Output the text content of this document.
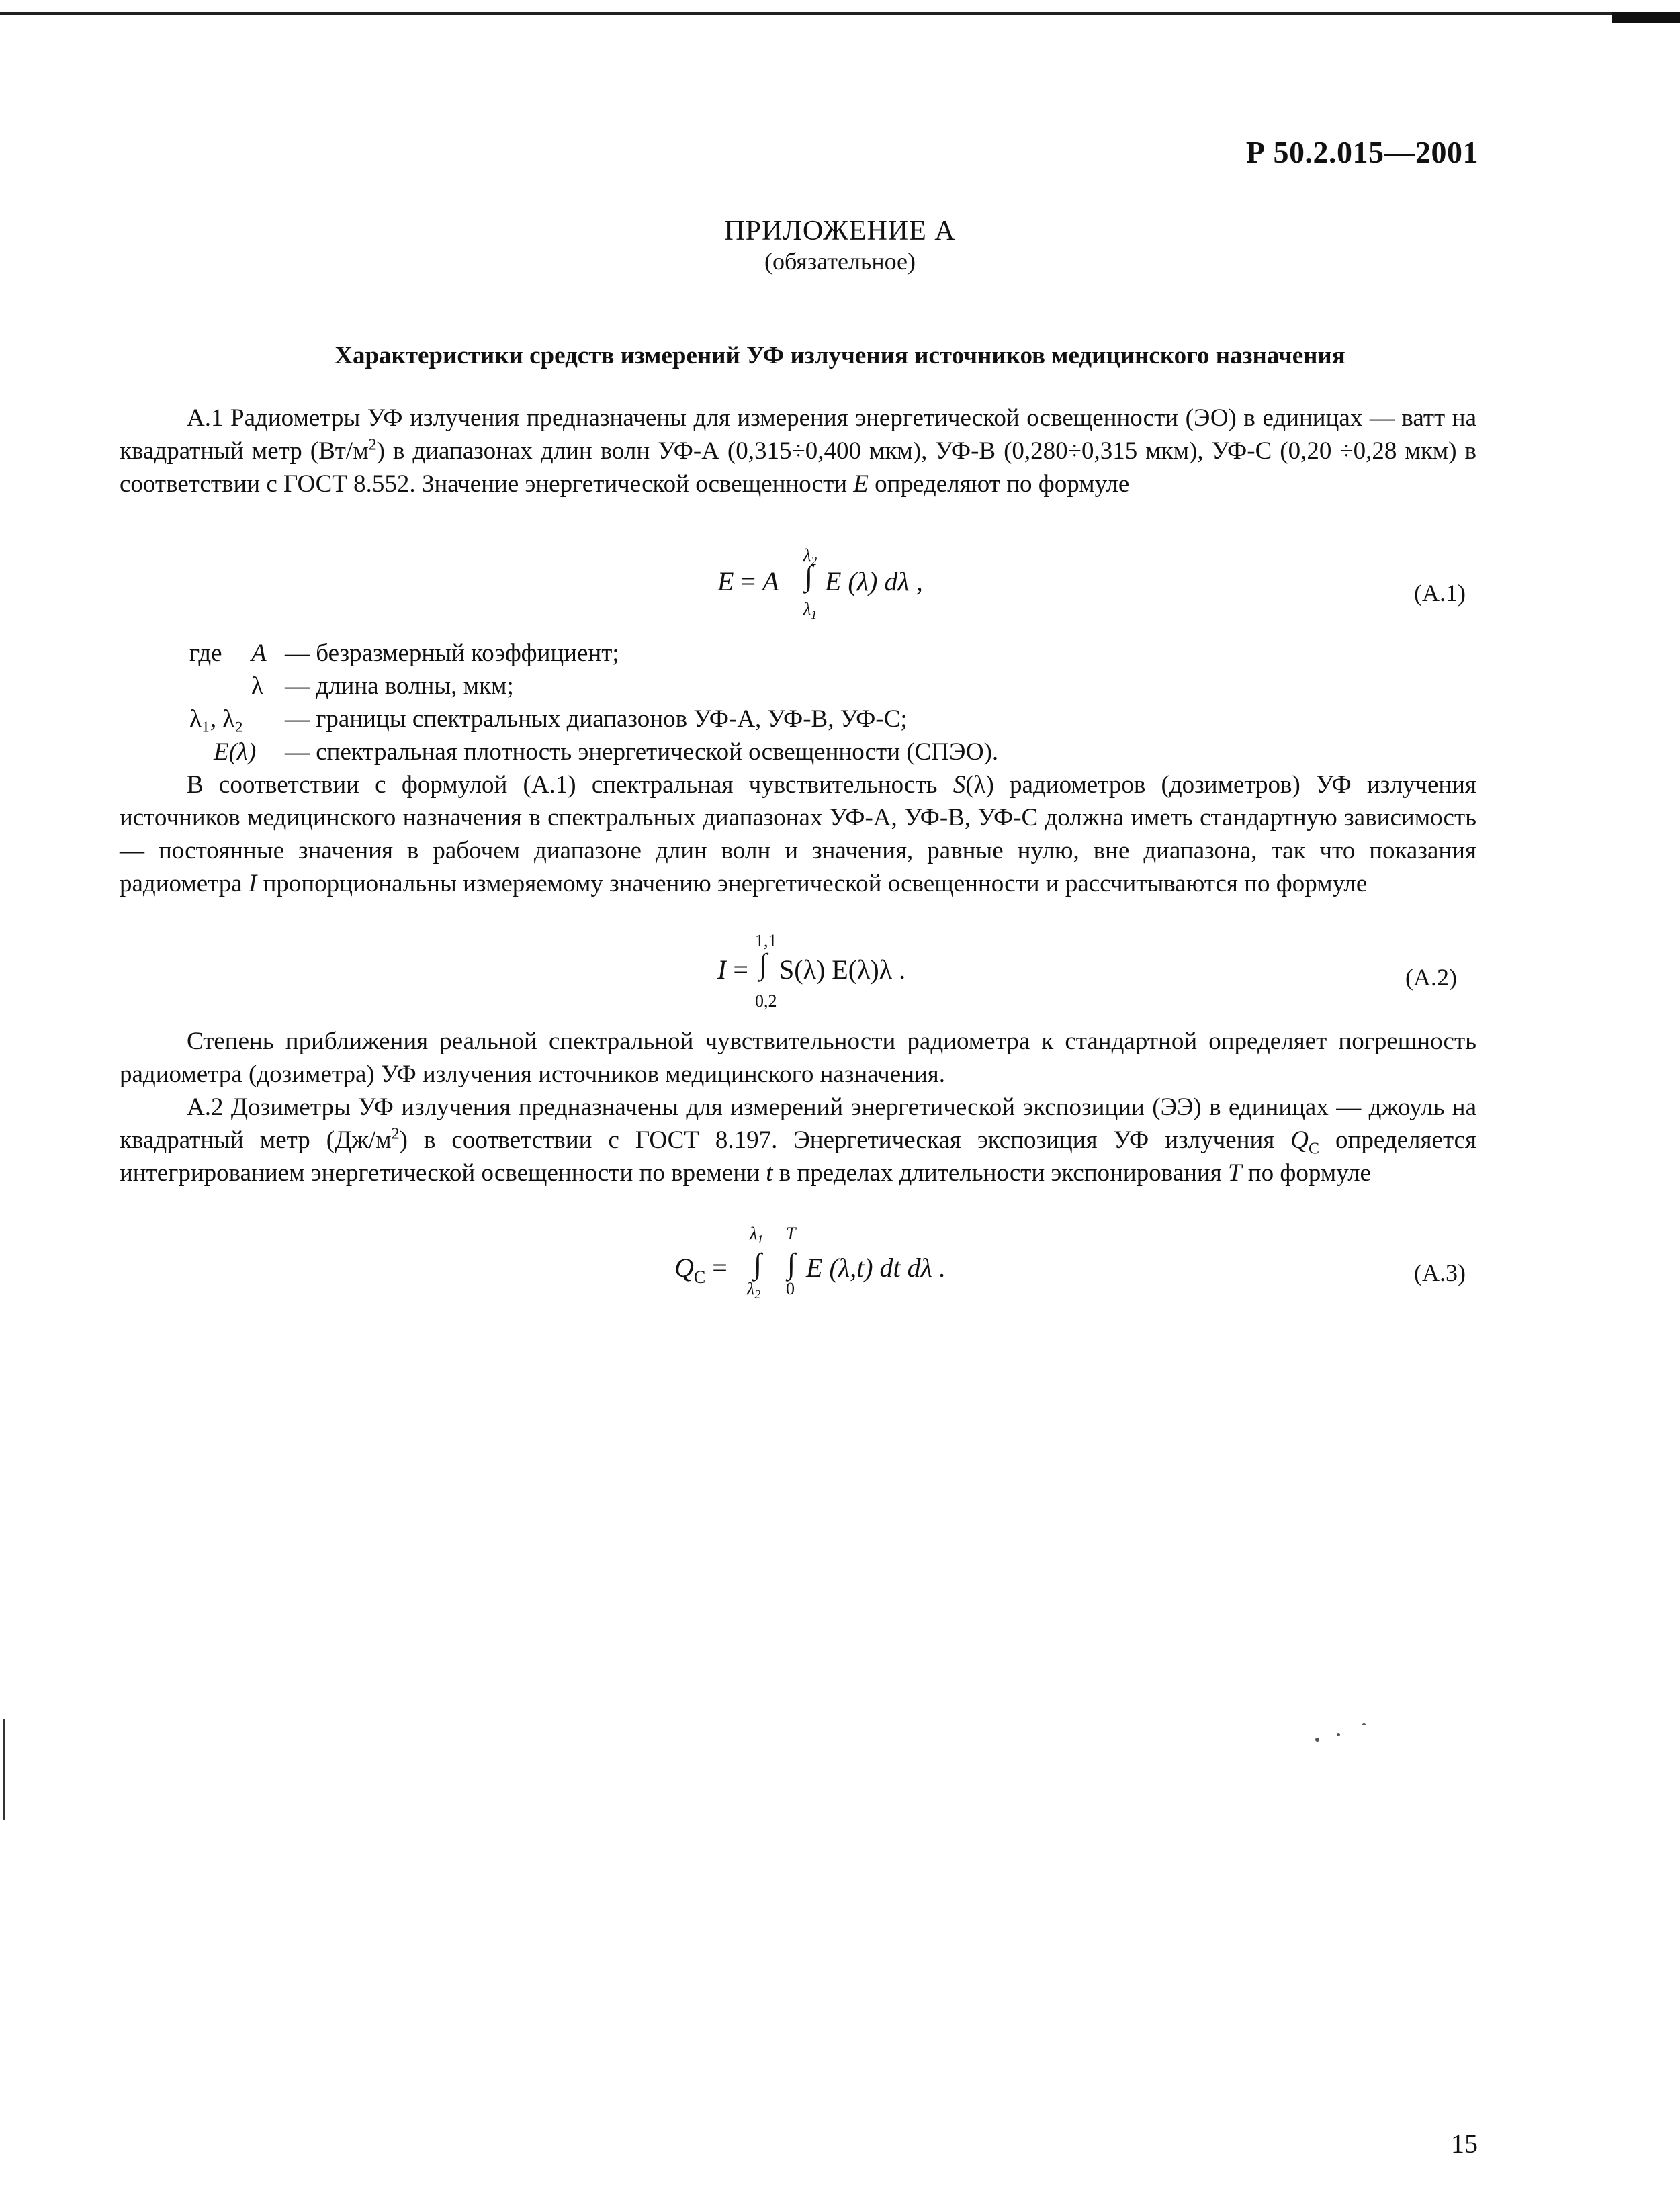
Р 50.2.015—2001
ПРИЛОЖЕНИЕ А
(обязательное)
Характеристики средств измерений УФ излучения источников медицинского назначения
А.1 Радиометры УФ излучения предназначены для измерения энергетической освещенности (ЭО) в единицах — ватт на квадратный метр $(Вт/м^2)$ в диапазонах длин волн УФ-А (0,315÷0,400 мкм), УФ-В (0,280÷0,315 мкм), УФ-С (0,20 ÷0,28 мкм) в соответствии с ГОСТ 8.552. Значение энергетической освещенности E определяют по формуле
E = A
$\lambda_2$
∫
$\lambda_1$
E (λ) dλ ,	(А.1)
где A — безразмерный коэффициент;
λ — длина волны, мкм;
λ₁, λ₂ — границы спектральных диапазонов УФ-А, УФ-В, УФ-С;
E(λ) — спектральная плотность энергетической освещенности (СПЭО).
В соответствии с формулой (А.1) спектральная чувствительность S(λ) радиометров (дозиметров) УФ излучения источников медицинского назначения в спектральных диапазонах УФ-А, УФ-В, УФ-С должна иметь стандартную зависимость — постоянные значения в рабочем диапазоне длин волн и значения, равные нулю, вне диапазона, так что показания радиометра I пропорциональны измеряемому значению энергетической освещенности и рассчитываются по формуле
I =
1,1
∫
0,2
S(λ) E(λ)λ .	(А.2)
Степень приближения реальной спектральной чувствительности радиометра к стандартной определяет погрешность радиометра (дозиметра) УФ излучения источников медицинского назначения.
А.2 Дозиметры УФ излучения предназначены для измерений энергетической экспозиции (ЭЭ) в единицах — джоуль на квадратный метр $(Дж/м^2)$ в соответствии с ГОСТ 8.197. Энергетическая экспозиция УФ излучения $Q_C$ определяется интегрированием энергетической освещенности по времени t в пределах длительности экспонирования T по формуле
$Q_C$ =
$\lambda_1$
∫
$\lambda_2$
T
∫
0
E (λ,t) dt dλ .	(А.3)
15
